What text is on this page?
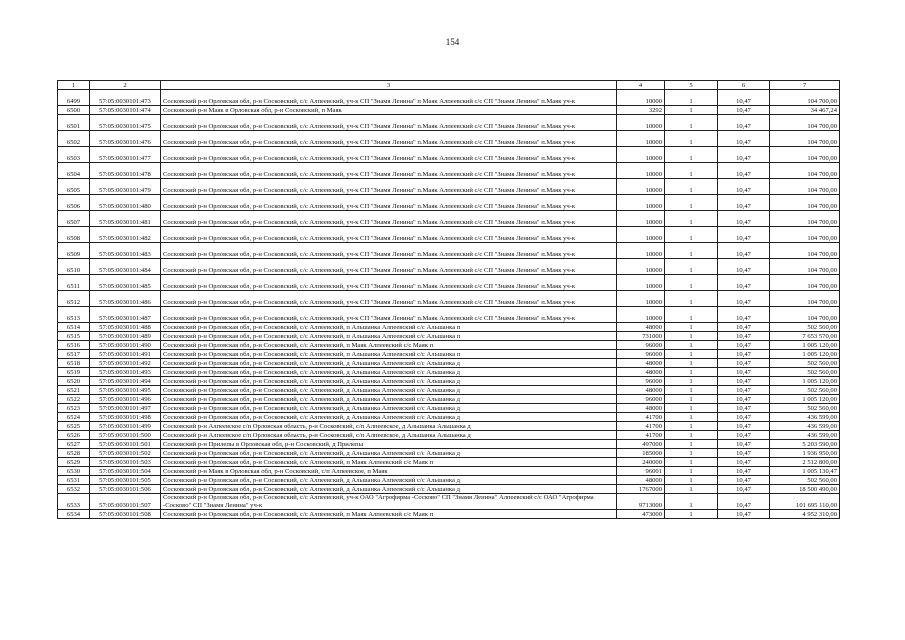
154
1	2	3	4	5	6	7
6499	57:05:0030101:473	Сосковский р-н Орловская обл, р-н Сосковский, с/с Алпеевский, уч-к СП "Знамя Ленина" п Маяк Алпеевский с/с СП "Знамя Ленина" п.Маяк уч-к	10000	1	10,47	104 700,00
6500	57:05:0030101:474	Сосковский р-н Маяк в Орловская обл, р-н Сосковский, п Маяк	3292	1	10,47	34 467,24
6501	57:05:0030101:475	Сосковский р-н Орловская обл, р-н Сосковский, с/с Алпеевский, уч-к СП "Знамя Ленина" п.Маяк Алпеевский с/с СП "Знамя Ленина" п.Маяк уч-к	10000	1	10,47	104 700,00
6502	57:05:0030101:476	Сосковский р-н Орловская обл, р-н Сосковский, с/с Алпеевский, уч-к СП "Знамя Ленина" п.Маяк Алпеевский с/с СП "Знамя Ленина" п.Маяк уч-к	10000	1	10,47	104 700,00
6503	57:05:0030101:477	Сосковский р-н Орловская обл, р-н Сосковский, с/с Алпеевский, уч-к СП "Знамя Ленина" п.Маяк Алпеевский с/с СП "Знамя Ленина" п.Маяк уч-к	10000	1	10,47	104 700,00
6504	57:05:0030101:478	Сосковский р-н Орловская обл, р-н Сосковский, с/с Алпеевский, уч-к СП "Знамя Ленина" п.Маяк Алпеевский с/с СП "Знамя Ленина" п.Маяк уч-к	10000	1	10,47	104 700,00
6505	57:05:0030101:479	Сосковский р-н Орловская обл, р-н Сосковский, с/с Алпеевский, уч-к СП "Знамя Ленина" п.Маяк Алпеевский с/с СП "Знамя Ленина" п.Маяк уч-к	10000	1	10,47	104 700,00
6506	57:05:0030101:480	Сосковский р-н Орловская обл, р-н Сосковский, с/с Алпеевский, уч-к СП "Знамя Ленина" п.Маяк Алпеевский с/с СП "Знамя Ленина" п.Маяк уч-к	10000	1	10,47	104 700,00
6507	57:05:0030101:481	Сосковский р-н Орловская обл, р-н Сосковский, с/с Алпеевский, уч-к СП "Знамя Ленина" п.Маяк Алпеевский с/с СП "Знамя Ленина" п.Маяк уч-к	10000	1	10,47	104 700,00
6508	57:05:0030101:482	Сосковский р-н Орловская обл, р-н Сосковский, с/с Алпеевский, уч-к СП "Знамя Ленина" п.Маяк Алпеевский с/с СП "Знамя Ленина" п.Маяк уч-к	10000	1	10,47	104 700,00
6509	57:05:0030101:483	Сосковский р-н Орловская обл, р-н Сосковский, с/с Алпеевский, уч-к СП "Знамя Ленина" п.Маяк Алпеевский с/с СП "Знамя Ленина" п.Маяк уч-к	10000	1	10,47	104 700,00
6510	57:05:0030101:484	Сосковский р-н Орловская обл, р-н Сосковский, с/с Алпеевский, уч-к СП "Знамя Ленина" п.Маяк Алпеевский с/с СП "Знамя Ленина" п.Маяк уч-к	10000	1	10,47	104 700,00
6511	57:05:0030101:485	Сосковский р-н Орловская обл, р-н Сосковский, с/с Алпеевский, уч-к СП "Знамя Ленина" п.Маяк Алпеевский с/с СП "Знамя Ленина" п.Маяк уч-к	10000	1	10,47	104 700,00
6512	57:05:0030101:486	Сосковский р-н Орловская обл, р-н Сосковский, с/с Алпеевский, уч-к СП "Знамя Ленина" п.Маяк Алпеевский с/с СП "Знамя Ленина" п.Маяк уч-к	10000	1	10,47	104 700,00
6513	57:05:0030101:487	Сосковский р-н Орловская обл, р-н Сосковский, с/с Алпеевский, уч-к СП "Знамя Ленина" п.Маяк Алпеевский с/с СП "Знамя Ленина" п.Маяк уч-к	10000	1	10,47	104 700,00
6514	57:05:0030101:488	Сосковский р-н Орловская обл, р-н Сосковский, с/с Алпеевский, п Альшанка Алпеевский с/с Альшанка п	48000	1	10,47	502 560,00
6515	57:05:0030101:489	Сосковский р-н Орловская обл, р-н Сосковский, с/с Алпеевский, п Альшанка Алпеевский с/с Альшанка п	731000	1	10,47	7 653 570,00
6516	57:05:0030101:490	Сосковский р-н Орловская обл, р-н Сосковский, с/с Алпеевский, п Маяк Алпеевский с/с Маяк п	96000	1	10,47	1 005 120,00
6517	57:05:0030101:491	Сосковский р-н Орловская обл, р-н Сосковский, с/с Алпеевский, п Альшанка Алпеевский с/с Альшанка п	96000	1	10,47	1 005 120,00
6518	57:05:0030101:492	Сосковский р-н Орловская обл, р-н Сосковский, с/с Алпеевский, д Альшанка Алпеевский с/с Альшанка д	48000	1	10,47	502 560,00
6519	57:05:0030101:493	Сосковский р-н Орловская обл, р-н Сосковский, с/с Алпеевский, д Альшанка Алпеевский с/с Альшанка д	48000	1	10,47	502 560,00
6520	57:05:0030101:494	Сосковский р-н Орловская обл, р-н Сосковский, с/с Алпеевский, д Альшанка Алпеевский с/с Альшанка д	96000	1	10,47	1 005 120,00
6521	57:05:0030101:495	Сосковский р-н Орловская обл, р-н Сосковский, с/с Алпеевский, д Альшанка Алпеевский с/с Альшанка д	48000	1	10,47	502 560,00
6522	57:05:0030101:496	Сосковский р-н Орловская обл, р-н Сосковский, с/с Алпеевский, д Альшанка Алпеевский с/с Альшанка д	96000	1	10,47	1 005 120,00
6523	57:05:0030101:497	Сосковский р-н Орловская обл, р-н Сосковский, с/с Алпеевский, д Альшанка Алпеевский с/с Альшанка д	48000	1	10,47	502 560,00
6524	57:05:0030101:498	Сосковский р-н Орловская обл, р-н Сосковский, с/с Алпеевский, д Альшанка Алпеевский с/с Альшанка д	41700	1	10,47	436 599,00
6525	57:05:0030101:499	Сосковский р-н Алпеевское с/п Орловская область, р-н Сосковский, с/п Алпеевское, д Альшанка Альшанка д	41700	1	10,47	436 599,00
6526	57:05:0030101:500	Сосковский р-н Алпеевское с/п Орловская область, р-н Сосковский, с/п Алпеевское, д Альшанка Альшанка д	41700	1	10,47	436 599,00
6527	57:05:0030101:501	Сосковский р-н Прилепы в Орловская обл, р-н Сосковский, д Прилепы	497000	1	10,47	5 203 590,00
6528	57:05:0030101:502	Сосковский р-н Орловская обл, р-н Сосковский, с/с Алпеевский, д Альшанка Алпеевский с/с Альшанка д	185000	1	10,47	1 936 950,00
6529	57:05:0030101:503	Сосковский р-н Орловская обл, р-н Сосковский, с/с Алпеевский, п Маяк Алпеевский с/с Маяк п	240000	1	10,47	2 512 800,00
6530	57:05:0030101:504	Сосковский р-н Маяк в Орловская обл, р-н Сосковский, с/п Алпеевское, п Маяк	96001	1	10,47	1 005 130,47
6531	57:05:0030101:505	Сосковский р-н Орловская обл, р-н Сосковский, с/с Алпеевский, д Альшанка Алпеевский с/с Альшанка д	48000	1	10,47	502 560,00
6532	57:05:0030101:506	Сосковский р-н Орловская обл, р-н Сосковский, с/с Алпеевский, д Альшанка Алпеевский с/с Альшанка д	1767000	1	10,47	18 500 490,00
6533	57:05:0030101:507	Сосковский р-н Орловская обл, р-н Сосковский, с/с Алпеевский, уч-к ОАО "Агрофирма -Сосково" СП "Знамя Ленина" Алпеевский с/с ОАО "Агрофирма -Сосково" СП "Знамя Ленина" уч-к	9713000	1	10,47	101 695 110,00
6534	57:05:0030101:508	Сосковский р-н Орловская обл, р-н Сосковский, с/с Алпеевский, п Маяк Алпеевский с/с Маяк п	473000	1	10,47	4 952 310,00
